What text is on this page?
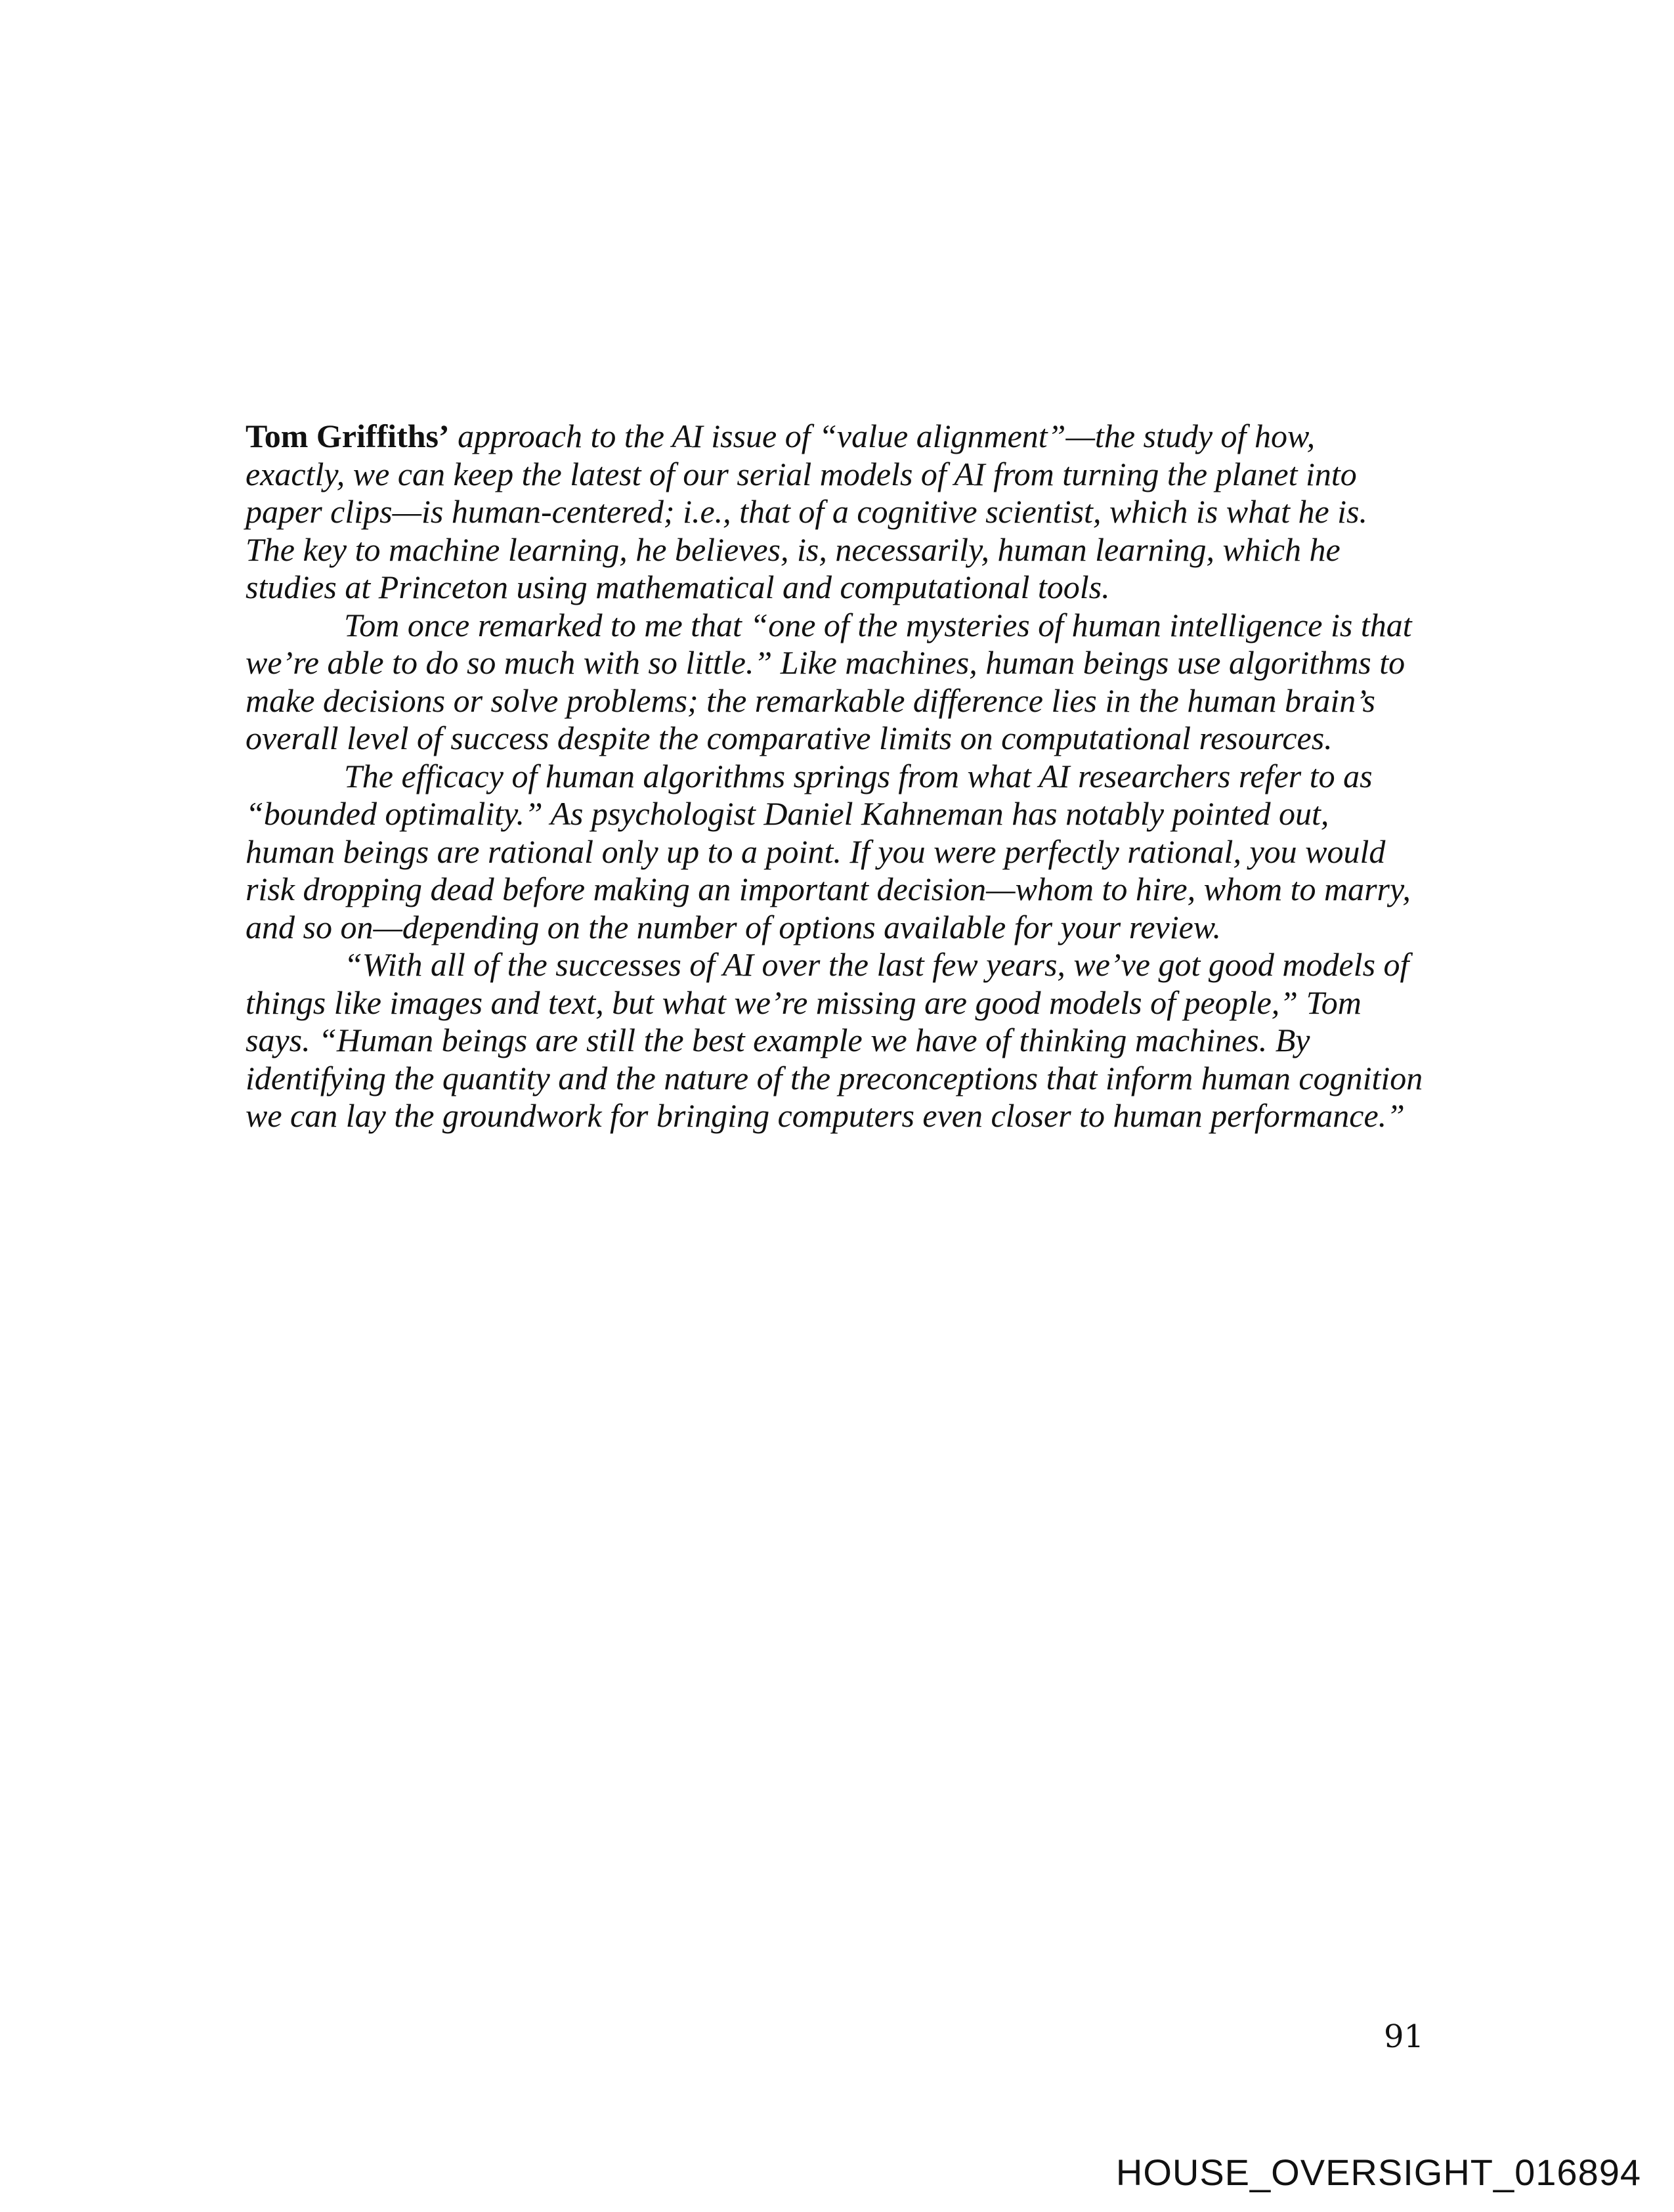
Tom Griffiths’ approach to the AI issue of “value alignment”—the study of how,
exactly, we can keep the latest of our serial models of AI from turning the planet into
paper clips—is human-centered; i.e., that of a cognitive scientist, which is what he is.
The key to machine learning, he believes, is, necessarily, human learning, which he
studies at Princeton using mathematical and computational tools.
Tom once remarked to me that “one of the mysteries of human intelligence is that
we’re able to do so much with so little.” Like machines, human beings use algorithms to
make decisions or solve problems; the remarkable difference lies in the human brain’s
overall level of success despite the comparative limits on computational resources.
The efficacy of human algorithms springs from what AI researchers refer to as
“bounded optimality.” As psychologist Daniel Kahneman has notably pointed out,
human beings are rational only up to a point. If you were perfectly rational, you would
risk dropping dead before making an important decision—whom to hire, whom to marry,
and so on—depending on the number of options available for your review.
“With all of the successes of AI over the last few years, we’ve got good models of
things like images and text, but what we’re missing are good models of people,” Tom
says. “Human beings are still the best example we have of thinking machines. By
identifying the quantity and the nature of the preconceptions that inform human cognition
we can lay the groundwork for bringing computers even closer to human performance.”
91
HOUSE_OVERSIGHT_016894
